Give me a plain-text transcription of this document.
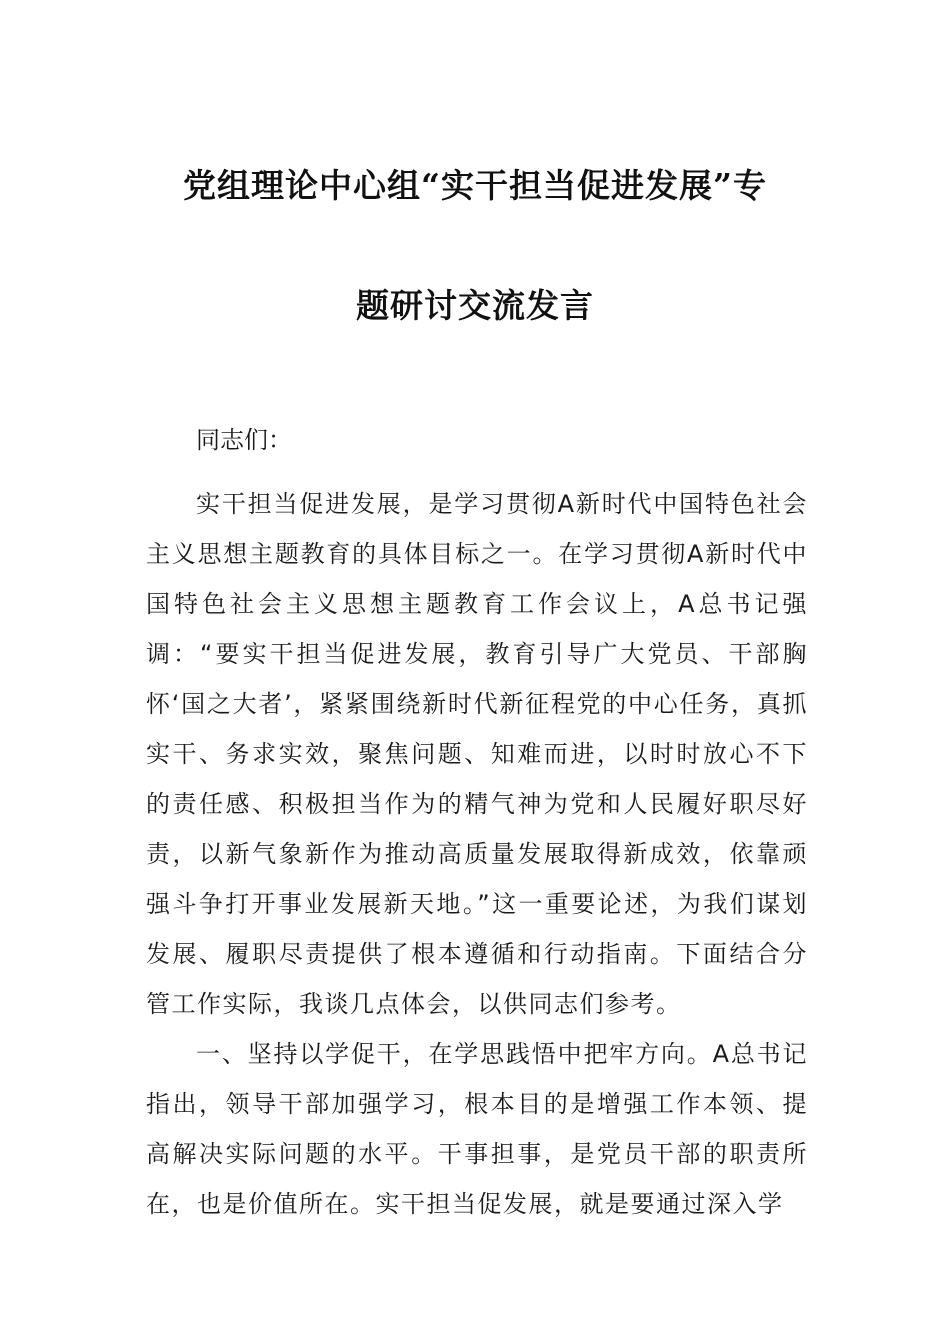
党组理论中心组“实干担当促进发展”专
题研讨交流发言
同志们：

实干担当促进发展，是学习贯彻A新时代中国特色社会主义思想主题教育的具体目标之一。在学习贯彻A新时代中国特色社会主义思想主题教育工作会议上，A总书记强调：“要实干担当促进发展，教育引导广大党员、干部胸怀‘国之大者’，紧紧围绕新时代新征程党的中心任务，真抓实干、务求实效，聚焦问题、知难而进，以时时放心不下的责任感、积极担当作为的精气神为党和人民履好职尽好责，以新气象新作为推动高质量发展取得新成效，依靠顽强斗争打开事业发展新天地。”这一重要论述，为我们谋划发展、履职尽责提供了根本遵循和行动指南。下面结合分管工作实际，我谈几点体会，以供同志们参考。

一、坚持以学促干，在学思践悟中把牢方向。A总书记指出，领导干部加强学习，根本目的是增强工作本领、提高解决实际问题的水平。干事担事，是党员干部的职责所在，也是价值所在。实干担当促发展，就是要通过深入学
